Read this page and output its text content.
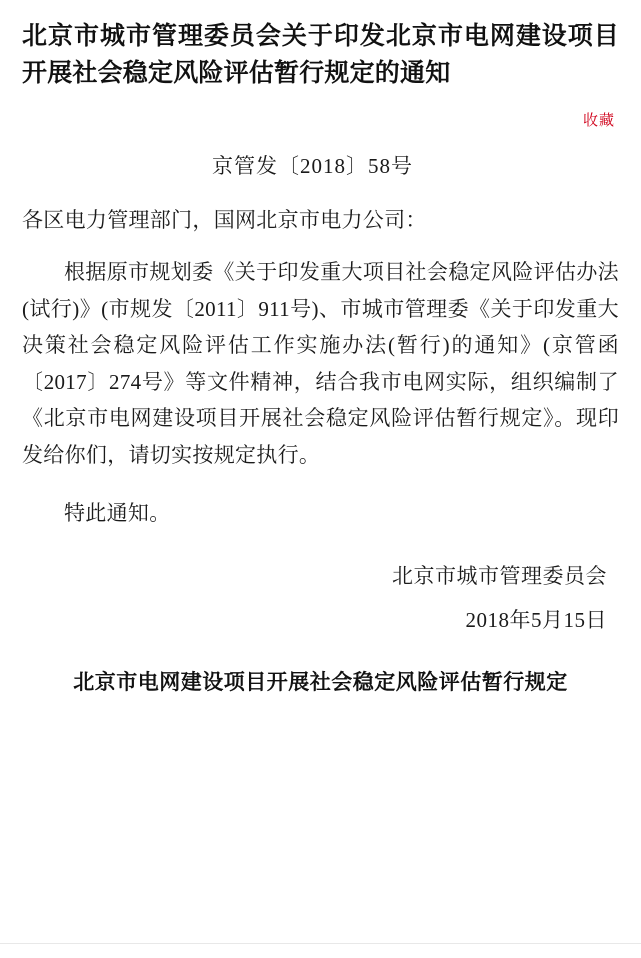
北京市城市管理委员会关于印发北京市电网建设项目开展社会稳定风险评估暂行规定的通知
收藏
京管发〔2018〕58号

各区电力管理部门，国网北京市电力公司：

根据原市规划委《关于印发重大项目社会稳定风险评估办法(试行)》(市规发〔2011〕911号)、市城市管理委《关于印发重大决策社会稳定风险评估工作实施办法(暂行)的通知》(京管函〔2017〕274号》等文件精神，结合我市电网实际，组织编制了《北京市电网建设项目开展社会稳定风险评估暂行规定》。现印发给你们，请切实按规定执行。

特此通知。

北京市城市管理委员会

2018年5月15日

北京市电网建设项目开展社会稳定风险评估暂行规定
